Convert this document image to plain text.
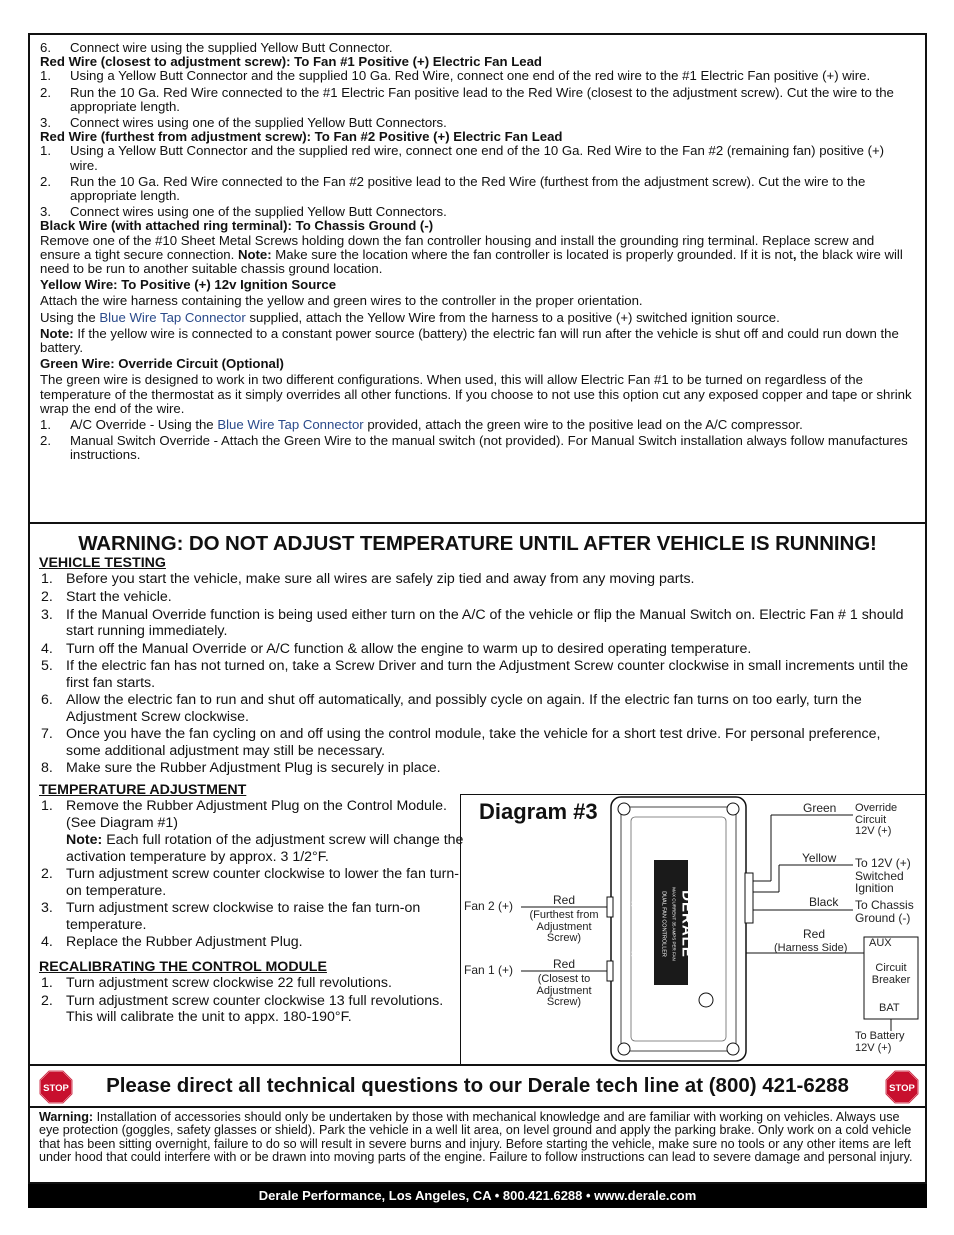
6. Connect wire using the supplied Yellow Butt Connector.

Red Wire (closest to adjustment screw): To Fan #1 Positive (+) Electric Fan Lead

1. Using a Yellow Butt Connector and the supplied 10 Ga. Red Wire, connect one end of the red wire to the #1 Electric Fan positive (+) wire.

2. Run the 10 Ga. Red Wire connected to the #1 Electric Fan positive lead to the Red Wire (closest to the adjustment screw). Cut the wire to the appropriate length.

3. Connect wires using one of the supplied Yellow Butt Connectors.

Red Wire (furthest from adjustment screw): To Fan #2 Positive (+) Electric Fan Lead

1. Using a Yellow Butt Connector and the supplied red wire, connect one end of the 10 Ga. Red Wire to the Fan #2 (remaining fan) positive (+) wire.

2. Run the 10 Ga. Red Wire connected to the Fan #2 positive lead to the Red Wire (furthest from the adjustment screw). Cut the wire to the appropriate length.

3. Connect wires using one of the supplied Yellow Butt Connectors.

Black Wire (with attached ring terminal): To Chassis Ground (-)

Remove one of the #10 Sheet Metal Screws holding down the fan controller housing and install the grounding ring terminal. Replace screw and ensure a tight secure connection. Note: Make sure the location where the fan controller is located is properly grounded. If it is not, the black wire will need to be run to another suitable chassis ground location.

Yellow Wire: To Positive (+) 12v Ignition Source

Attach the wire harness containing the yellow and green wires to the controller in the proper orientation.

Using the Blue Wire Tap Connector supplied, attach the Yellow Wire from the harness to a positive (+) switched ignition source.

Note: If the yellow wire is connected to a constant power source (battery) the electric fan will run after the vehicle is shut off and could run down the battery.

Green Wire: Override Circuit (Optional)

The green wire is designed to work in two different configurations. When used, this will allow Electric Fan #1 to be turned on regardless of the temperature of the thermostat as it simply overrides all other functions. If you choose to not use this option cut any exposed copper and tape or shrink wrap the end of the wire.

1. A/C Override - Using the Blue Wire Tap Connector provided, attach the green wire to the positive lead on the A/C compressor.

2. Manual Switch Override - Attach the Green Wire to the manual switch (not provided). For Manual Switch installation always follow manufactures instructions.

WARNING: DO NOT ADJUST TEMPERATURE UNTIL AFTER VEHICLE IS RUNNING!

VEHICLE TESTING

1. Before you start the vehicle, make sure all wires are safely zip tied and away from any moving parts.

2. Start the vehicle.

3. If the Manual Override function is being used either turn on the A/C of the vehicle or flip the Manual Switch on. Electric Fan # 1 should start running immediately.

4. Turn off the Manual Override or A/C function & allow the engine to warm up to desired operating temperature.

5. If the electric fan has not turned on, take a Screw Driver and turn the Adjustment Screw counter clockwise in small increments until the first fan starts.

6. Allow the electric fan to run and shut off automatically, and possibly cycle on again. If the electric fan turns on too early, turn the Adjustment Screw clockwise.

7. Once you have the fan cycling on and off using the control module, take the vehicle for a short test drive. For personal preference, some additional adjustment may still be necessary.

8. Make sure the Rubber Adjustment Plug is securely in place.

TEMPERATURE ADJUSTMENT

1. Remove the Rubber Adjustment Plug on the Control Module. (See Diagram #1)

Note: Each full rotation of the adjustment screw will change the activation temperature by approx. 3 1/2°F.

2. Turn adjustment screw counter clockwise to lower the fan turn-on temperature.

3. Turn adjustment screw clockwise to raise the fan turn-on temperature.

4. Replace the Rubber Adjustment Plug.

RECALIBRATING THE CONTROL MODULE

1. Turn adjustment screw clockwise 22 full revolutions.

2. Turn adjustment screw counter clockwise 13 full revolutions. This will calibrate the unit to appx. 180-190°F.

Diagram #3
DERALE
DUAL FAN CONTROLLER	MAX CURRENT 35 AMPS PER FAN
FAN 2(+)
FAN 1(+)
Fan 2 (+)	Red
(Furthest from
Adjustment Screw)
Fan 1 (+)	Red
(Closest to
Adjustment Screw)
Green Override Circuit
12V (+)
Yellow To 12V (+)
Switched Ignition
Black To Chassis
Ground (-)
Red
(Harness Side) AUX
Circuit
Breaker
BAT
To Battery 12V (+)
STOP	Please direct all technical questions to our Derale tech line at (800) 421-6288	STOP

Warning: Installation of accessories should only be undertaken by those with mechanical knowledge and are familiar with working on vehicles. Always use eye protection (goggles, safety glasses or shield). Park the vehicle in a well lit area, on level ground and apply the parking brake. Only work on a cold vehicle that has been sitting overnight, failure to do so will result in severe burns and injury. Before starting the vehicle, make sure no tools or any other items are left under hood that could interfere with or be drawn into moving parts of the engine. Failure to follow instructions can lead to severe damage and personal injury.

Derale Performance, Los Angeles, CA • 800.421.6288 • www.derale.com
